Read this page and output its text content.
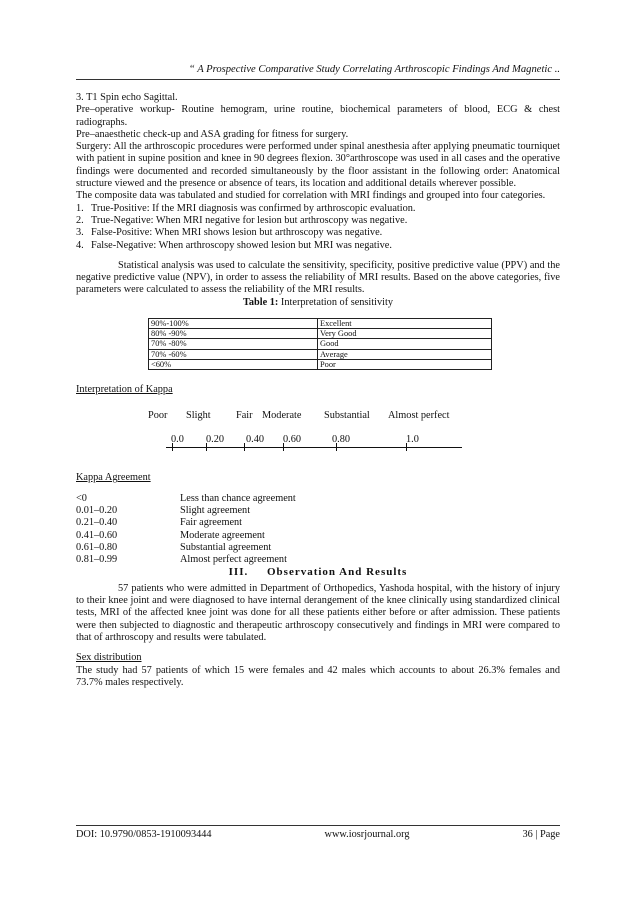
“ A Prospective Comparative Study Correlating Arthroscopic Findings And Magnetic ..

3. T1 Spin echo Sagittal.

Pre–operative workup- Routine hemogram, urine routine, biochemical parameters of blood, ECG & chest radiographs.

Pre–anaesthetic check-up and ASA grading for fitness for surgery.

Surgery: All the arthroscopic procedures were performed under spinal anesthesia after applying pneumatic tourniquet with patient in supine position and knee in 90 degrees flexion. 30°arthroscope was used in all cases and the operative findings were documented and recorded simultaneously by the floor assistant in the following order: Anatomical structure viewed and the presence or absence of tears, its location and additional details wherever possible.

The composite data was tabulated and studied for correlation with MRI findings and grouped into four categories.

1. True-Positive: If the MRI diagnosis was confirmed by arthroscopic evaluation.
2. True-Negative: When MRI negative for lesion but arthroscopy was negative.
3. False-Positive: When MRI shows lesion but arthroscopy was negative.
4. False-Negative: When arthroscopy showed lesion but MRI was negative.

Statistical analysis was used to calculate the sensitivity, specificity, positive predictive value (PPV) and the negative predictive value (NPV), in order to assess the reliability of MRI results. Based on the above categories, five parameters were calculated to assess the reliability of the MRI results.

Table 1: Interpretation of sensitivity

90%-100%	Excellent
80% -90%	Very Good
70% -80%	Good
70% -60%	Average
<60%	Poor

Interpretation of Kappa

Poor Slight Fair Moderate Substantial Almost perfect
0.0 0.20 0.40 0.60	0.80	1.0

Kappa Agreement

<0	Less than chance agreement
0.01–0.20	Slight agreement
0.21–0.40	Fair agreement
0.41–0.60	Moderate agreement
0.61–0.80	Substantial agreement
0.81–0.99	Almost perfect agreement

III.     Observation And Results

57 patients who were admitted in Department of Orthopedics, Yashoda hospital, with the history of injury to their knee joint and were diagnosed to have internal derangement of the knee clinically using standardized clinical tests, MRI of the affected knee joint was done for all these patients either before or after admission. These patients were then subjected to diagnostic and therapeutic arthroscopy consecutively and findings in MRI were compared to that of arthroscopy and results were tabulated.

Sex distribution

The study had 57 patients of which 15 were females and 42 males which accounts to about 26.3% females and 73.7% males respectively.

DOI: 10.9790/0853-1910093444	www.iosrjournal.org	36 | Page
